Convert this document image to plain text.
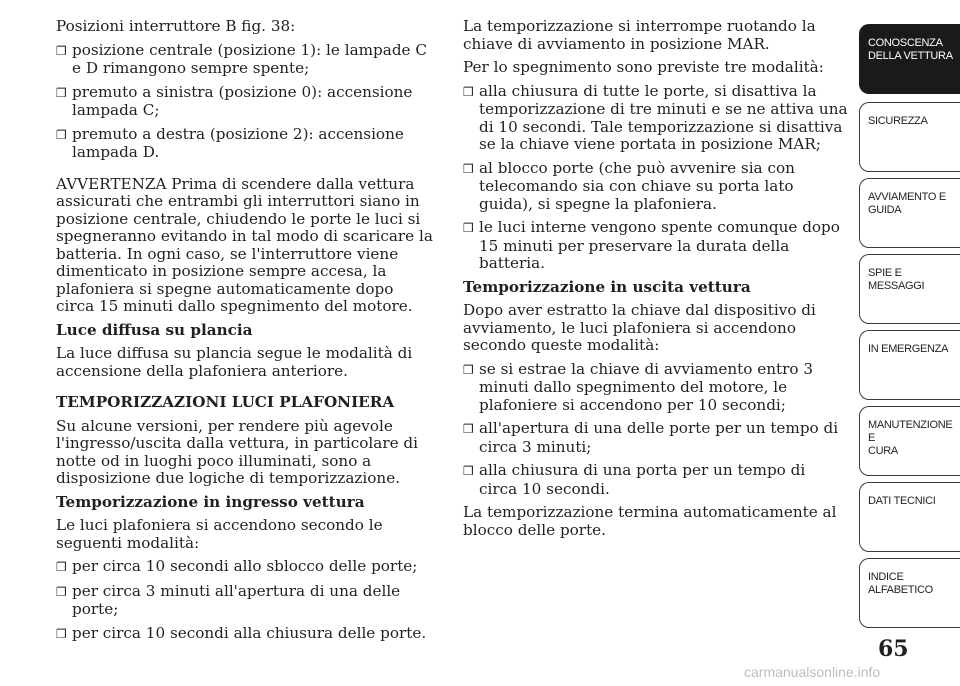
Posizioni interruttore B fig. 38:

❒ posizione centrale (posizione 1): le lampade C e D rimangono sempre spente;

❒ premuto a sinistra (posizione 0): accensione lampada C;

❒ premuto a destra (posizione 2): accensione lampada D.

AVVERTENZA Prima di scendere dalla vettura assicurati che entrambi gli interruttori siano in posizione centrale, chiudendo le porte le luci si spegneranno evitando in tal modo di scaricare la batteria. In ogni caso, se l'interruttore viene dimenticato in posizione sempre accesa, la plafoniera si spegne automaticamente dopo circa 15 minuti dallo spegnimento del motore.

Luce diffusa su plancia

La luce diffusa su plancia segue le modalità di accensione della plafoniera anteriore.

TEMPORIZZAZIONI LUCI PLAFONIERA

Su alcune versioni, per rendere più agevole l'ingresso/uscita dalla vettura, in particolare di notte od in luoghi poco illuminati, sono a disposizione due logiche di temporizzazione.

Temporizzazione in ingresso vettura

Le luci plafoniera si accendono secondo le seguenti modalità:

❒ per circa 10 secondi allo sblocco delle porte;

❒ per circa 3 minuti all'apertura di una delle porte;

❒ per circa 10 secondi alla chiusura delle porte.

La temporizzazione si interrompe ruotando la chiave di avviamento in posizione MAR.

Per lo spegnimento sono previste tre modalità:

❒ alla chiusura di tutte le porte, si disattiva la temporizzazione di tre minuti e se ne attiva una di 10 secondi. Tale temporizzazione si disattiva se la chiave viene portata in posizione MAR;

❒ al blocco porte (che può avvenire sia con telecomando sia con chiave su porta lato guida), si spegne la plafoniera.

❒ le luci interne vengono spente comunque dopo 15 minuti per preservare la durata della batteria.

Temporizzazione in uscita vettura

Dopo aver estratto la chiave dal dispositivo di avviamento, le luci plafoniera si accendono secondo queste modalità:

❒ se si estrae la chiave di avviamento entro 3 minuti dallo spegnimento del motore, le plafoniere si accendono per 10 secondi;

❒ all'apertura di una delle porte per un tempo di circa 3 minuti;

❒ alla chiusura di una porta per un tempo di circa 10 secondi.

La temporizzazione termina automaticamente al blocco delle porte.

CONOSCENZA
DELLA VETTURA
SICUREZZA
AVVIAMENTO E
GUIDA
SPIE E MESSAGGI
IN EMERGENZA
MANUTENZIONE E
CURA
DATI TECNICI
INDICE
ALFABETICO
65
carmanualsonline.info
